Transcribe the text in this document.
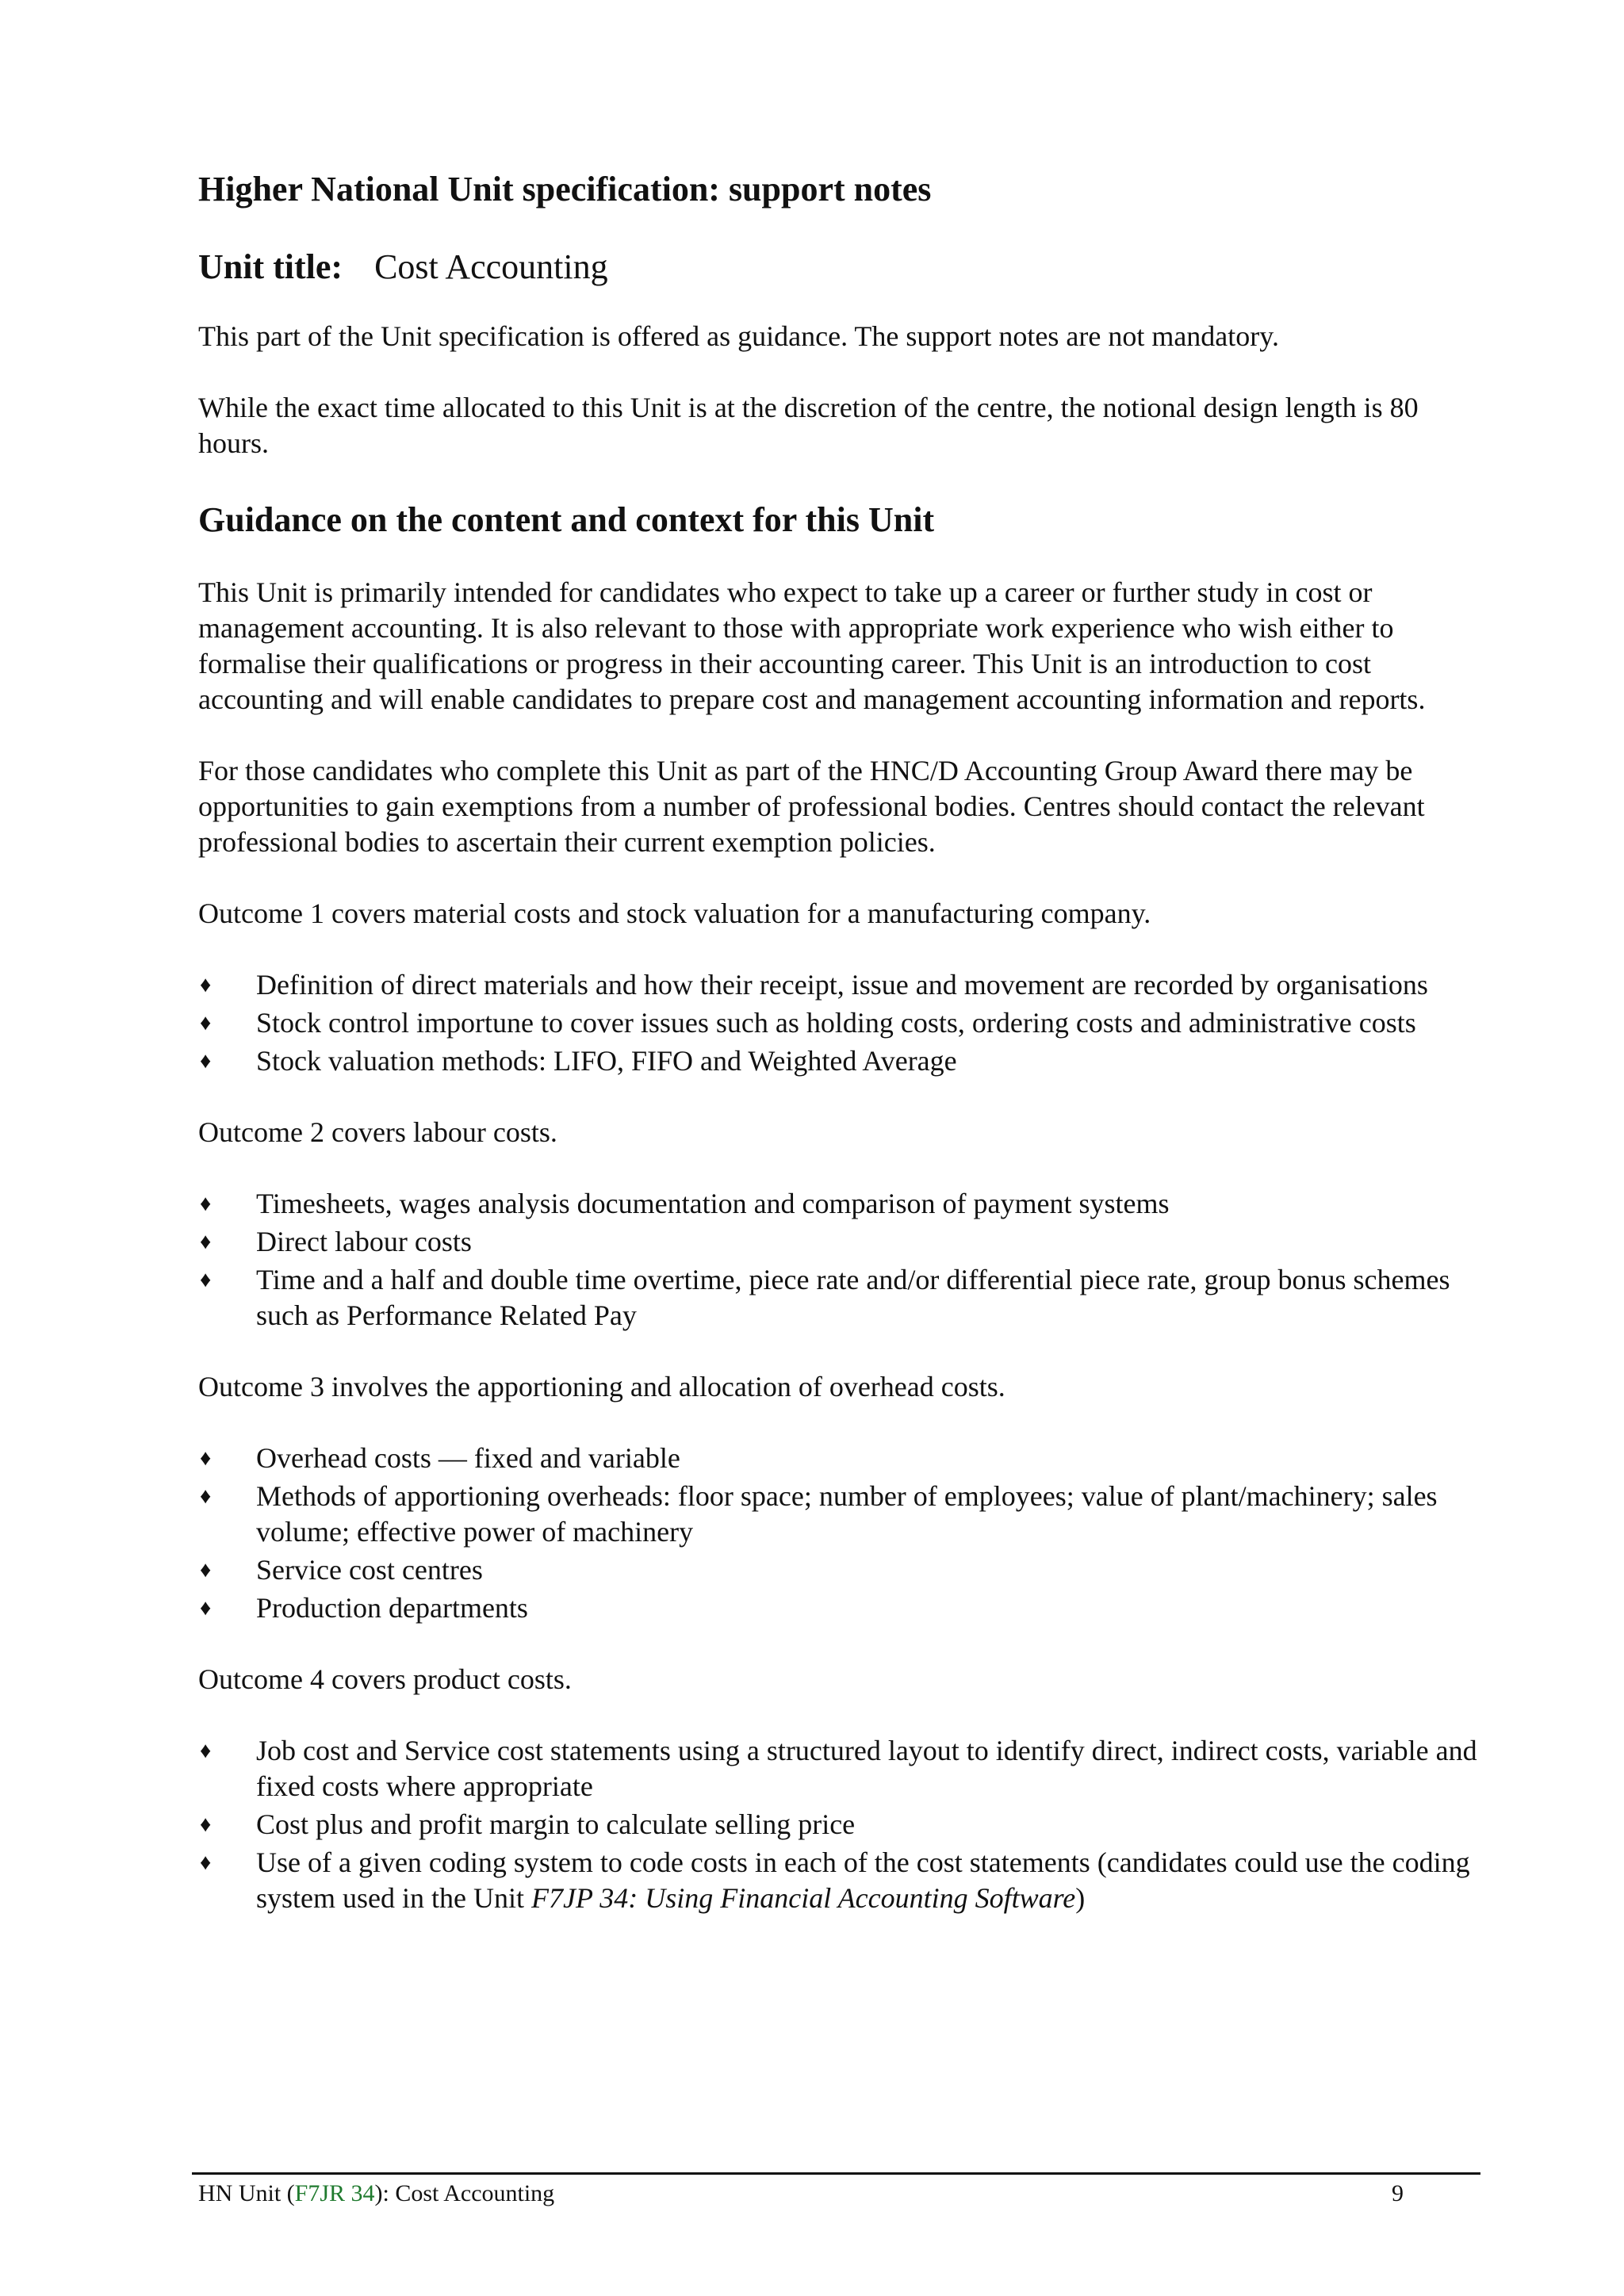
Higher National Unit specification: support notes
Unit title: Cost Accounting

This part of the Unit specification is offered as guidance. The support notes are not mandatory.

While the exact time allocated to this Unit is at the discretion of the centre, the notional design length is 80 hours.

Guidance on the content and context for this Unit

This Unit is primarily intended for candidates who expect to take up a career or further study in cost or management accounting. It is also relevant to those with appropriate work experience who wish either to formalise their qualifications or progress in their accounting career. This Unit is an introduction to cost accounting and will enable candidates to prepare cost and management accounting information and reports.

For those candidates who complete this Unit as part of the HNC/D Accounting Group Award there may be opportunities to gain exemptions from a number of professional bodies. Centres should contact the relevant professional bodies to ascertain their current exemption policies.

Outcome 1 covers material costs and stock valuation for a manufacturing company.

♦ Definition of direct materials and how their receipt, issue and movement are recorded by organisations
♦ Stock control importune to cover issues such as holding costs, ordering costs and administrative costs
♦ Stock valuation methods: LIFO, FIFO and Weighted Average

Outcome 2 covers labour costs.

♦ Timesheets, wages analysis documentation and comparison of payment systems
♦ Direct labour costs
♦ Time and a half and double time overtime, piece rate and/or differential piece rate, group bonus schemes such as Performance Related Pay

Outcome 3 involves the apportioning and allocation of overhead costs.

♦ Overhead costs — fixed and variable
♦ Methods of apportioning overheads: floor space; number of employees; value of plant/machinery; sales volume; effective power of machinery
♦ Service cost centres
♦ Production departments

Outcome 4 covers product costs.

♦ Job cost and Service cost statements using a structured layout to identify direct, indirect costs, variable and fixed costs where appropriate
♦ Cost plus and profit margin to calculate selling price
♦ Use of a given coding system to code costs in each of the cost statements (candidates could use the coding system used in the Unit F7JP 34: Using Financial Accounting Software)
HN Unit (F7JR 34): Cost Accounting	9
